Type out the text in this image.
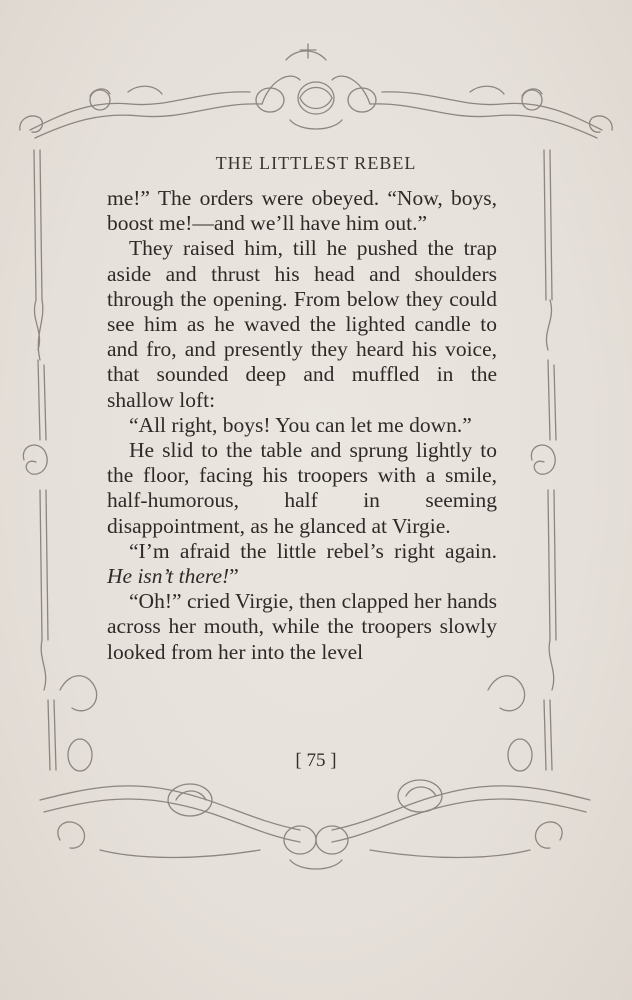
THE LITTLEST REBEL

me!” The orders were obeyed. “Now, boys, boost me!—and we’ll have him out.”

They raised him, till he pushed the trap aside and thrust his head and shoulders through the opening. From below they could see him as he waved the lighted candle to and fro, and presently they heard his voice, that sounded deep and muffled in the shallow loft:

“All right, boys! You can let me down.”

He slid to the table and sprung lightly to the floor, facing his troopers with a smile, half-humorous, half in seeming disappointment, as he glanced at Virgie.

“I’m afraid the little rebel’s right again. He isn’t there!”

“Oh!” cried Virgie, then clapped her hands across her mouth, while the troopers slowly looked from her into the level

[ 75 ]
